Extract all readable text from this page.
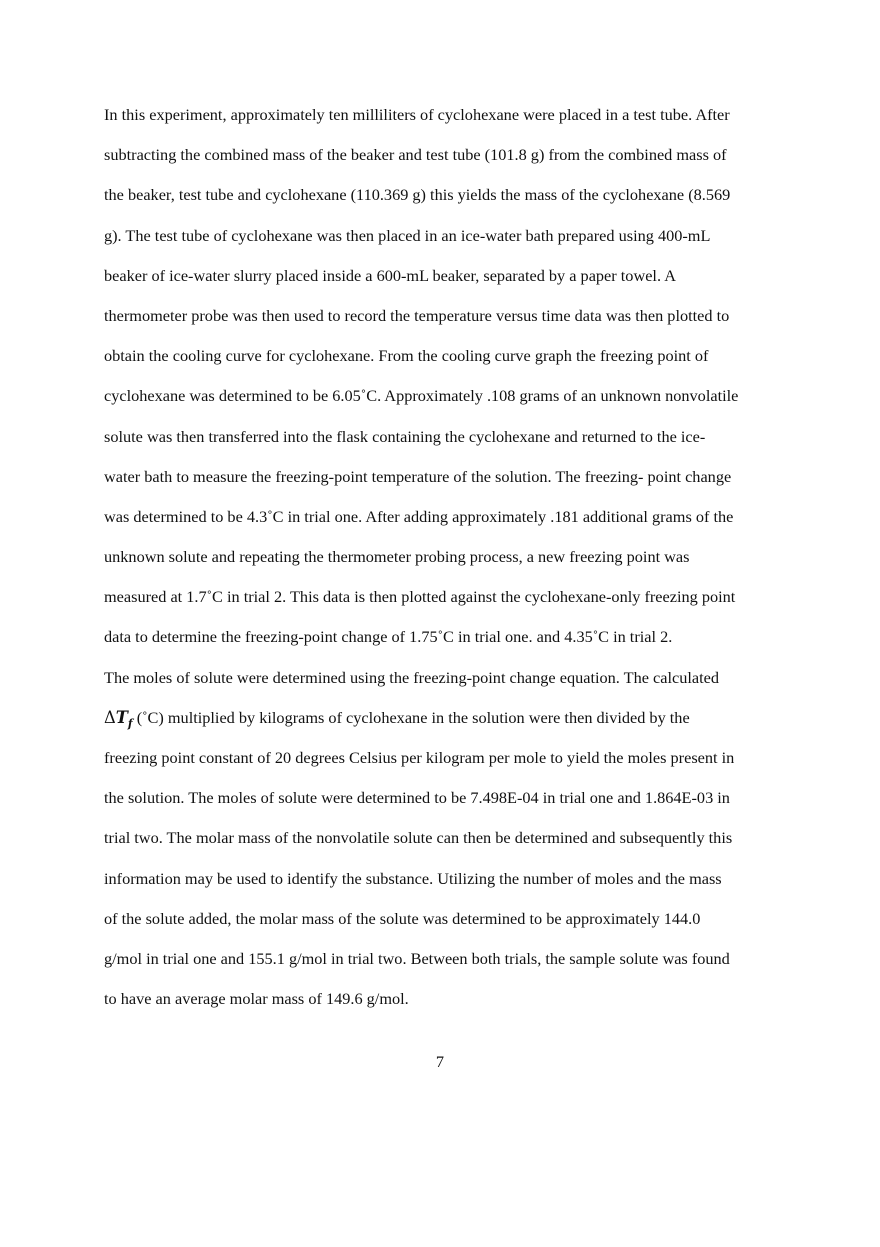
In this experiment, approximately ten milliliters of cyclohexane were placed in a test tube. After
subtracting the combined mass of the beaker and test tube (101.8 g) from the combined mass of
the beaker, test tube and cyclohexane (110.369 g) this yields the mass of the cyclohexane (8.569
g). The test tube of cyclohexane was then placed in an ice-water bath prepared using 400-mL
beaker of ice-water slurry placed inside a 600-mL beaker, separated by a paper towel. A
thermometer probe was then used to record the temperature versus time data was then plotted to
obtain the cooling curve for cyclohexane. From the cooling curve graph the freezing point of
cyclohexane was determined to be 6.05˚C. Approximately .108 grams of an unknown nonvolatile
solute was then transferred into the flask containing the cyclohexane and returned to the ice-
water bath to measure the freezing-point temperature of the solution. The freezing- point change
was determined to be 4.3˚C in trial one. After adding approximately .181 additional grams of the
unknown solute and repeating the thermometer probing process, a new freezing point was
measured at 1.7˚C in trial 2. This data is then plotted against the cyclohexane-only freezing point
data to determine the freezing-point change of 1.75˚C in trial one. and 4.35˚C in trial 2.
The moles of solute were determined using the freezing-point change equation. The calculated
$\Delta T_f$ (˚C) multiplied by kilograms of cyclohexane in the solution were then divided by the
freezing point constant of 20 degrees Celsius per kilogram per mole to yield the moles present in
the solution. The moles of solute were determined to be 7.498E-04 in trial one and 1.864E-03 in
trial two. The molar mass of the nonvolatile solute can then be determined and subsequently this
information may be used to identify the substance. Utilizing the number of moles and the mass
of the solute added, the molar mass of the solute was determined to be approximately 144.0
g/mol in trial one and 155.1 g/mol in trial two. Between both trials, the sample solute was found
to have an average molar mass of 149.6 g/mol.
7
